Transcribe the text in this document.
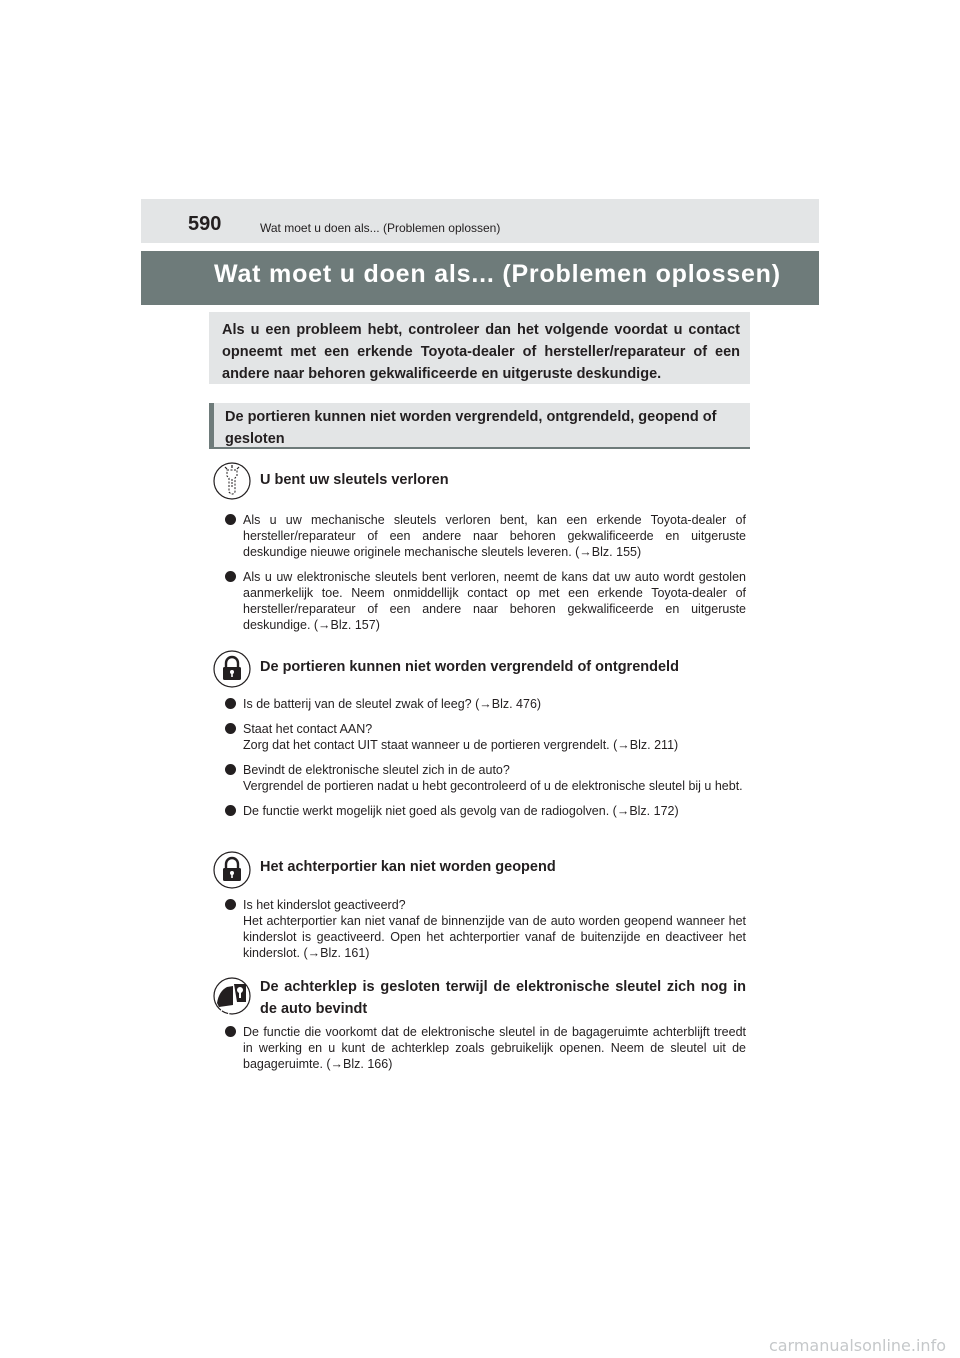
590	Wat moet u doen als... (Problemen oplossen)
Wat moet u doen als... (Problemen oplossen)
Als u een probleem hebt, controleer dan het volgende voordat u contact opneemt met een erkende Toyota-dealer of hersteller/reparateur of een andere naar behoren gekwalificeerde en uitgeruste deskundige.
De portieren kunnen niet worden vergrendeld, ontgrendeld, geopend of gesloten
U bent uw sleutels verloren
Als u uw mechanische sleutels verloren bent, kan een erkende Toyota-dealer of hersteller/reparateur of een andere naar behoren gekwalificeerde en uitgeruste deskundige nieuwe originele mechanische sleutels leveren. (→Blz. 155)
Als u uw elektronische sleutels bent verloren, neemt de kans dat uw auto wordt gestolen aanmerkelijk toe. Neem onmiddellijk contact op met een erkende Toyota-dealer of hersteller/reparateur of een andere naar behoren gekwalificeerde en uitgeruste deskundige. (→Blz. 157)
De portieren kunnen niet worden vergrendeld of ontgrendeld
Is de batterij van de sleutel zwak of leeg? (→Blz. 476)
Staat het contact AAN?
Zorg dat het contact UIT staat wanneer u de portieren vergrendelt. (→Blz. 211)
Bevindt de elektronische sleutel zich in de auto?
Vergrendel de portieren nadat u hebt gecontroleerd of u de elektronische sleutel bij u hebt.
De functie werkt mogelijk niet goed als gevolg van de radiogolven. (→Blz. 172)
Het achterportier kan niet worden geopend
Is het kinderslot geactiveerd?
Het achterportier kan niet vanaf de binnenzijde van de auto worden geopend wanneer het kinderslot is geactiveerd. Open het achterportier vanaf de buitenzijde en deactiveer het kinderslot. (→Blz. 161)
De achterklep is gesloten terwijl de elektronische sleutel zich nog in de auto bevindt
De functie die voorkomt dat de elektronische sleutel in de bagageruimte achterblijft treedt in werking en u kunt de achterklep zoals gebruikelijk openen. Neem de sleutel uit de bagageruimte. (→Blz. 166)
carmanualsonline.info
